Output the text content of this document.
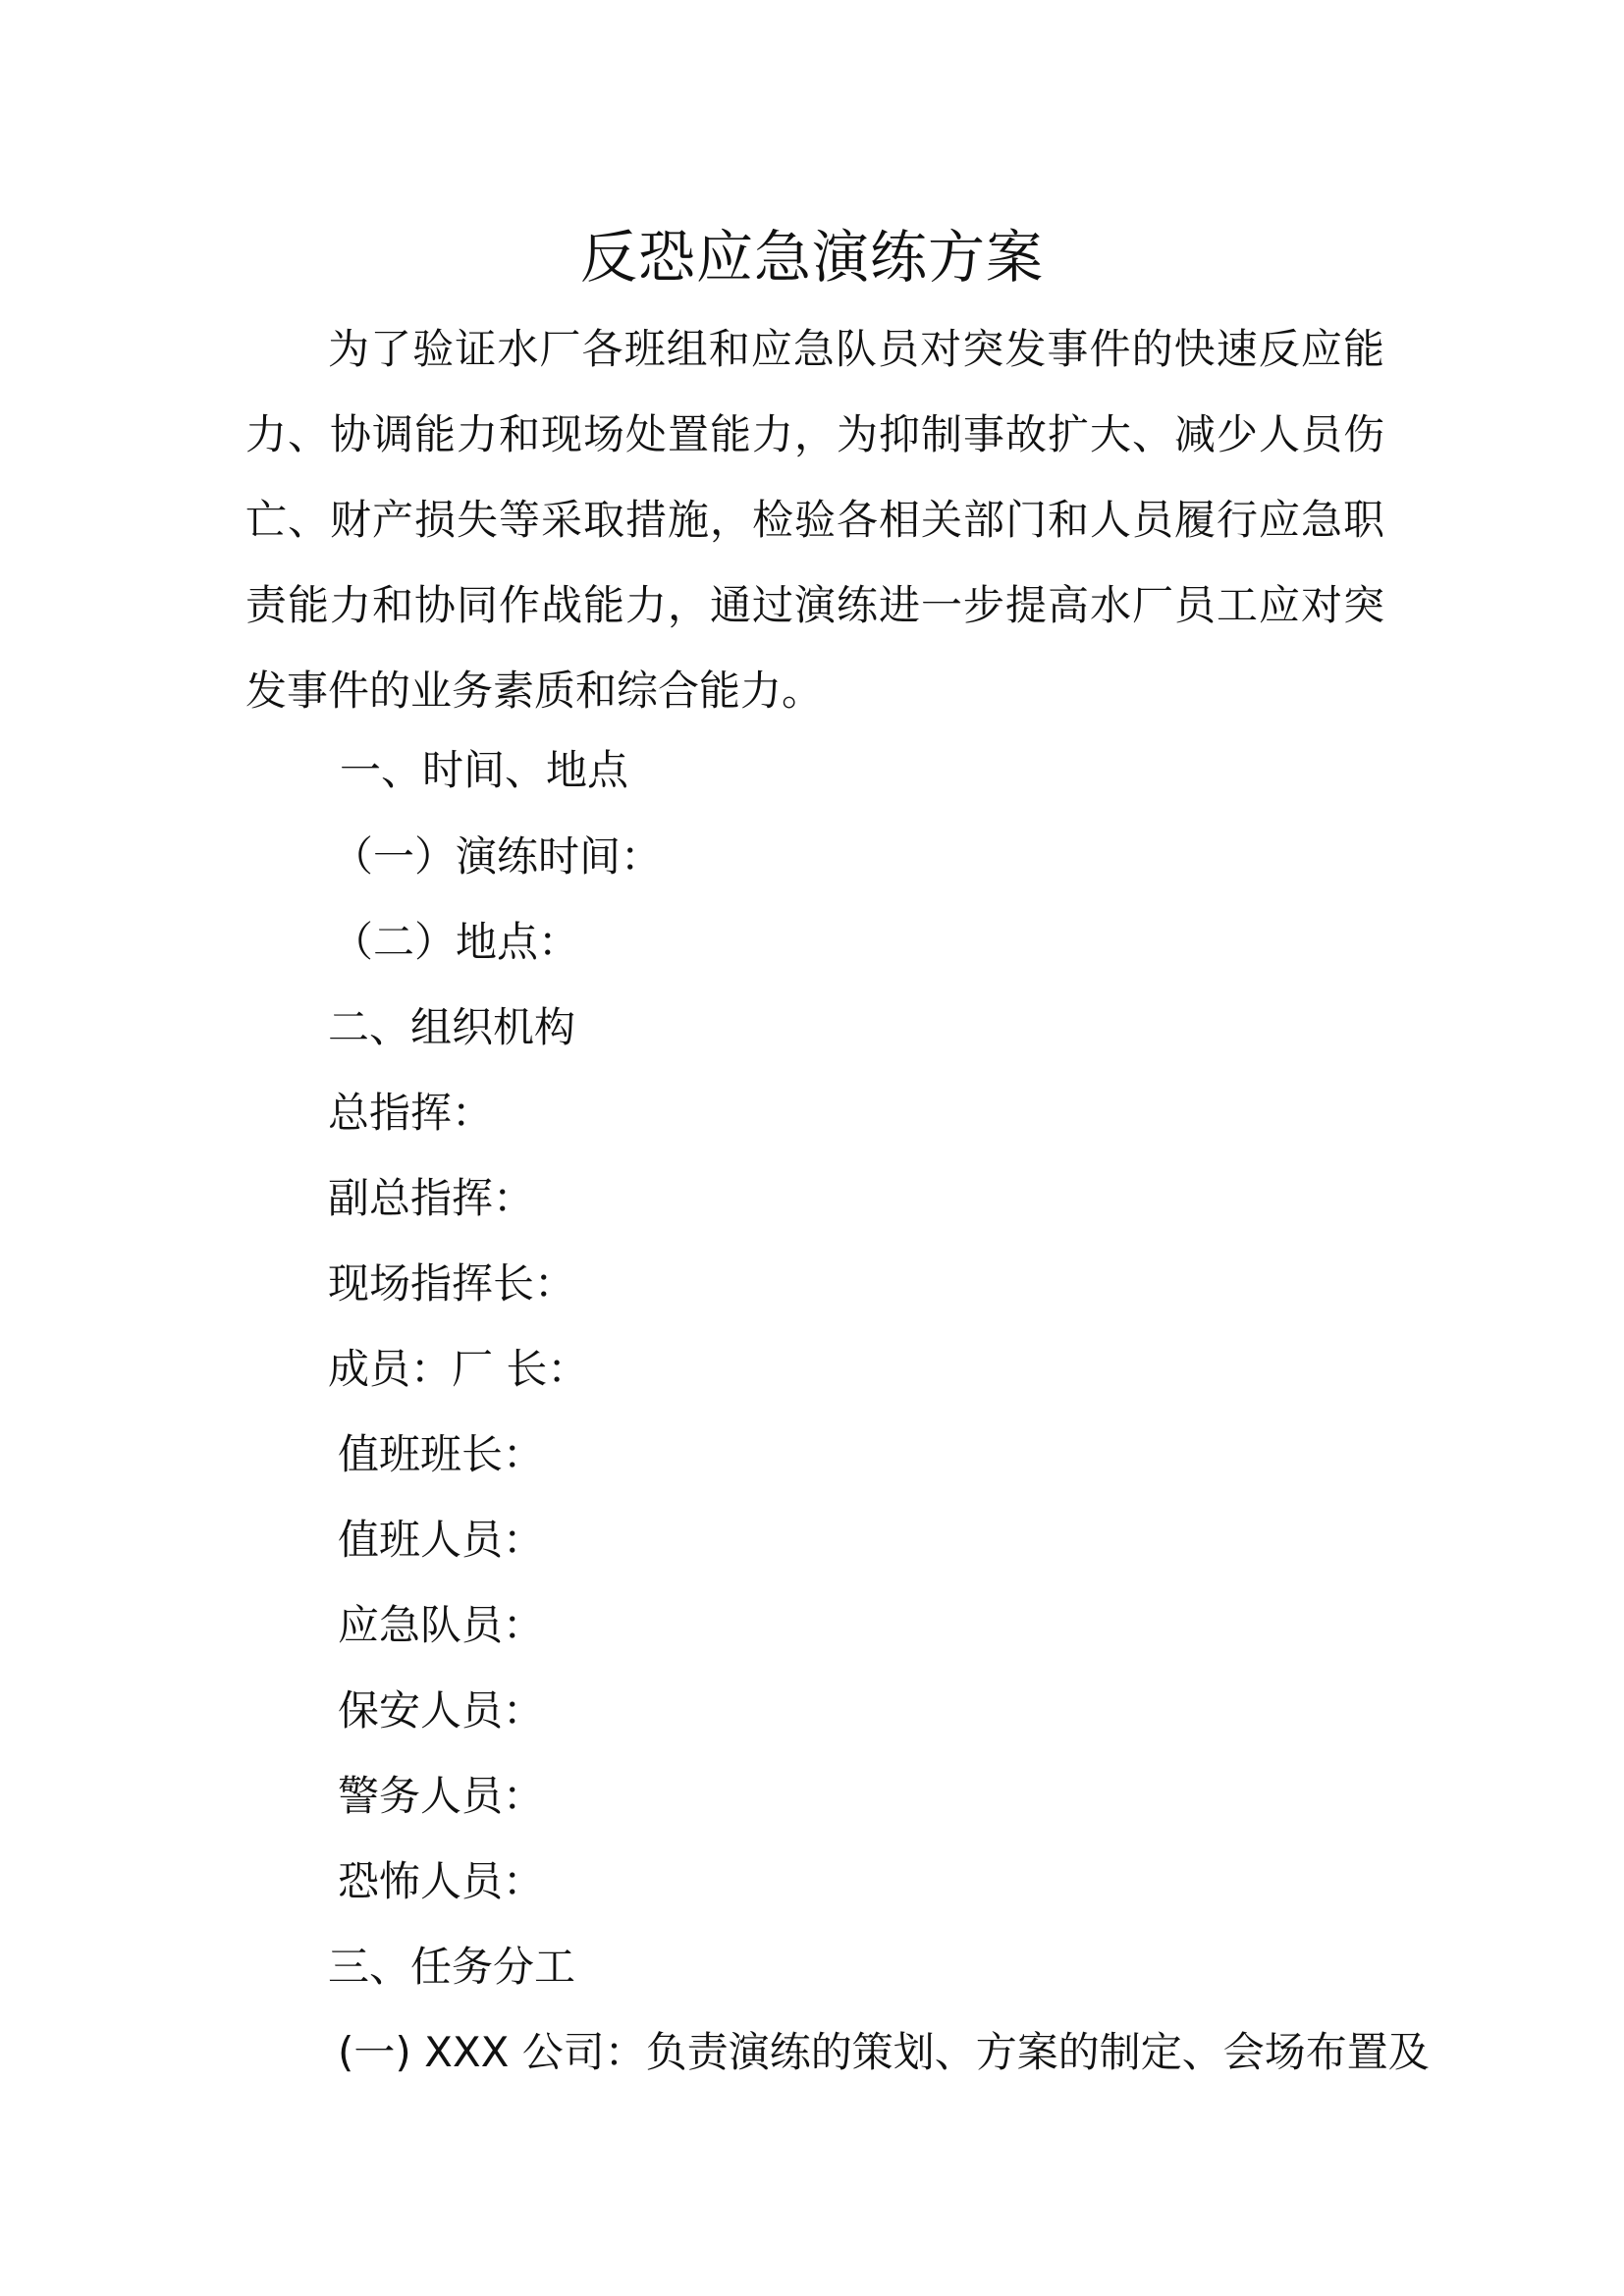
反恐应急演练方案

为了验证水厂各班组和应急队员对突发事件的快速反应能力、协调能力和现场处置能力，为抑制事故扩大、减少人员伤亡、财产损失等采取措施，检验各相关部门和人员履行应急职责能力和协同作战能力，通过演练进一步提高水厂员工应对突发事件的业务素质和综合能力。

一、时间、地点

（一）演练时间：

（二）地点：

二、组织机构

总指挥：

副总指挥：

现场指挥长：

成员：厂 长：

值班班长：

值班人员：

应急队员：

保安人员：

警务人员：

恐怖人员：

三、任务分工

(一) XXX 公司：负责演练的策划、方案的制定、会场布置及
